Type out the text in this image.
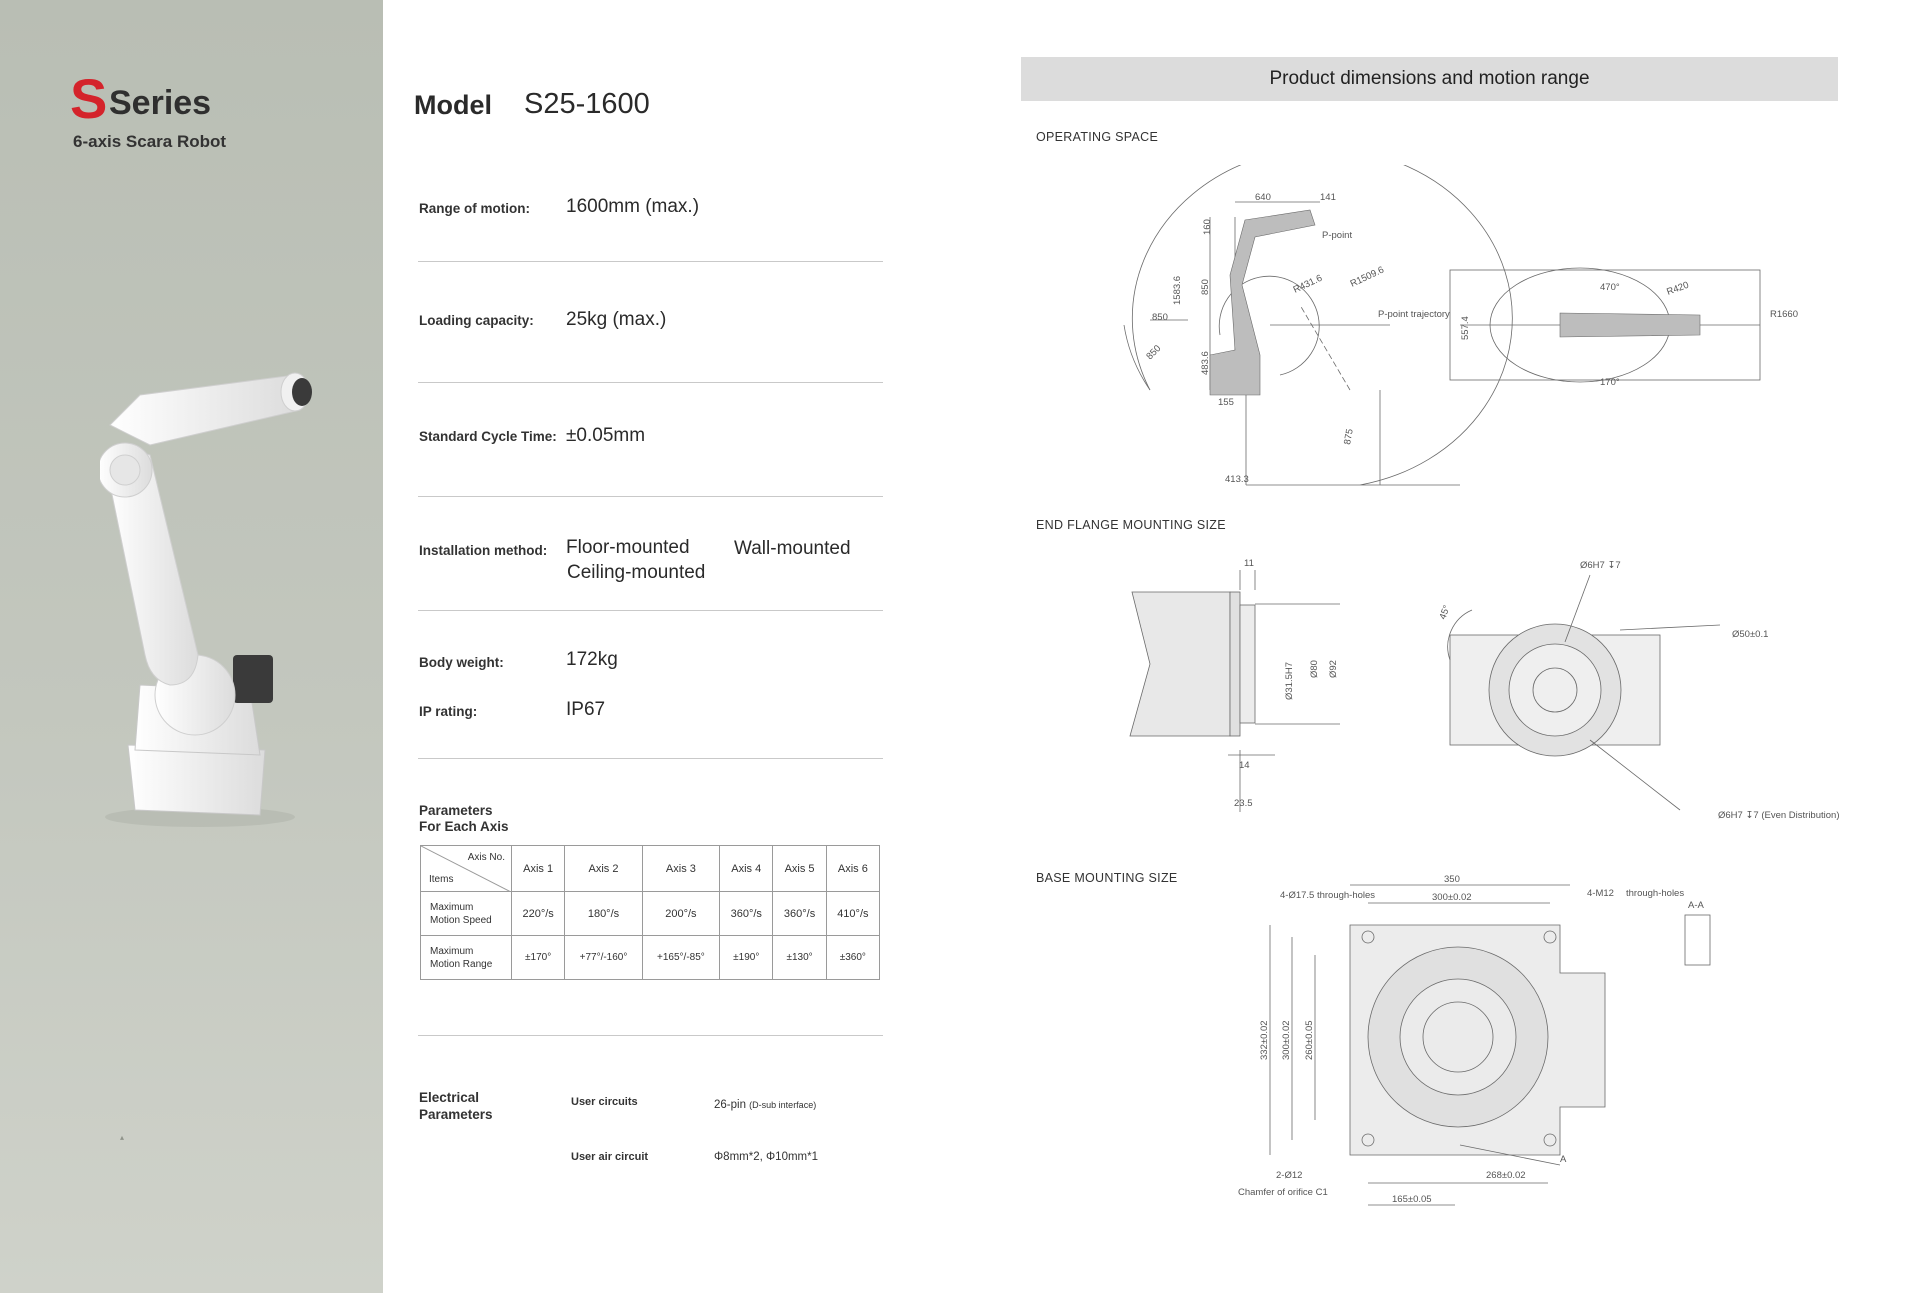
S Series
6-axis Scara Robot
▴
Model S25-1600
Range of motion: 1600mm (max.)
Loading capacity: 25kg (max.)
Standard Cycle Time: ±0.05mm
Installation method: Floor-mounted Wall-mounted
Ceiling-mounted
Body weight:	172kg
IP rating:	IP67
Parameters
For Each Axis
Axis No.
Items	Axis 1	Axis 2	Axis 3	Axis 4	Axis 5	Axis 6

Maximum
Motion Speed	220°/s	180°/s	200°/s	360°/s	360°/s	410°/s

Maximum
Motion Range	±170°	+77°/-160°	+165°/-85°	±190°	±130°	±360°
Electrical
Parameters
User circuits	26-pin (D-sub interface)
User air circuit	Φ8mm*2, Φ10mm*1
Product dimensions and motion range
OPERATING SPACE
END FLANGE MOUNTING SIZE
BASE MOUNTING SIZE
640	141
P-point
160
850
1583.6
850
850
R431.6	R1509.6
P-point trajectory
483.6
155
875
413.3
470°	R420
557.4
R1660
170°
11
Ø31.5H7 Ø80 Ø92
14
23.5
Ø6H7 ↧7
Ø50±0.1
45°
Ø6H7 ↧7 (Even Distribution)
350
4-Ø17.5 through-holes	300±0.02	4-M12 through-holes
332±0.02 300±0.02 260±0.05
A-A
2-Ø12
Chamfer of orifice C1
268±0.02
A
165±0.05
